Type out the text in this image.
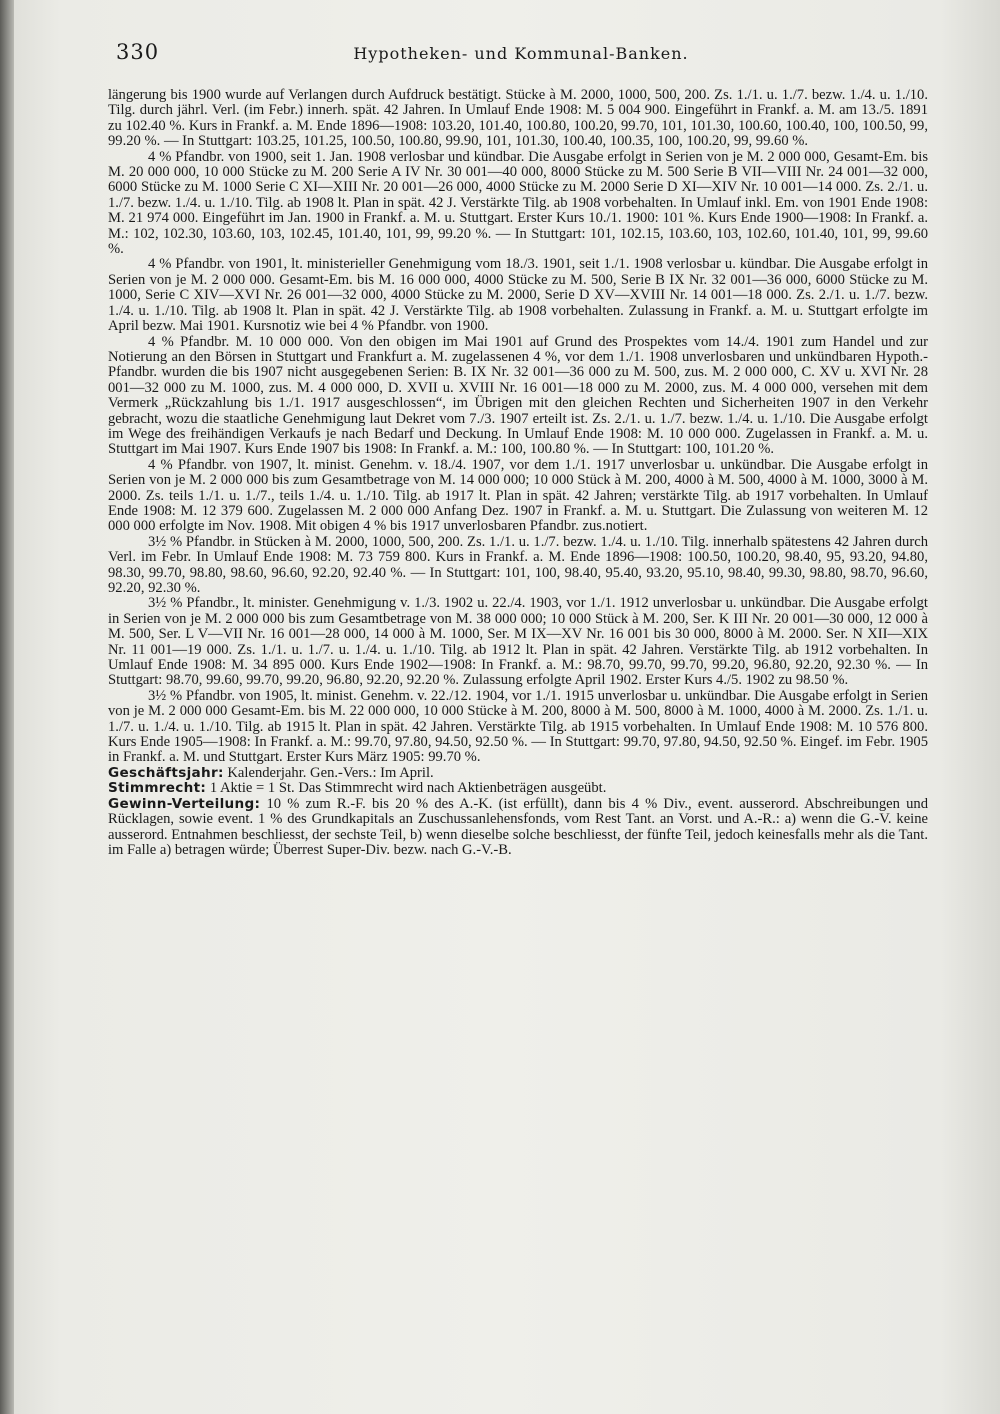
330	Hypotheken- und Kommunal-Banken.

längerung bis 1900 wurde auf Verlangen durch Aufdruck bestätigt. Stücke à M. 2000, 1000, 500, 200. Zs. 1./1. u. 1./7. bezw. 1./4. u. 1./10. Tilg. durch jährl. Verl. (im Febr.) innerh. spät. 42 Jahren. In Umlauf Ende 1908: M. 5 004 900. Eingeführt in Frankf. a. M. am 13./5. 1891 zu 102.40 %. Kurs in Frankf. a. M. Ende 1896—1908: 103.20, 101.40, 100.80, 100.20, 99.70, 101, 101.30, 100.60, 100.40, 100, 100.50, 99, 99.20 %. — In Stuttgart: 103.25, 101.25, 100.50, 100.80, 99.90, 101, 101.30, 100.40, 100.35, 100, 100.20, 99, 99.60 %.

4 % Pfandbr. von 1900, seit 1. Jan. 1908 verlosbar und kündbar. Die Ausgabe erfolgt in Serien von je M. 2 000 000, Gesamt-Em. bis M. 20 000 000, 10 000 Stücke zu M. 200 Serie A IV Nr. 30 001—40 000, 8000 Stücke zu M. 500 Serie B VII—VIII Nr. 24 001—32 000, 6000 Stücke zu M. 1000 Serie C XI—XIII Nr. 20 001—26 000, 4000 Stücke zu M. 2000 Serie D XI—XIV Nr. 10 001—14 000. Zs. 2./1. u. 1./7. bezw. 1./4. u. 1./10. Tilg. ab 1908 lt. Plan in spät. 42 J. Verstärkte Tilg. ab 1908 vorbehalten. In Umlauf inkl. Em. von 1901 Ende 1908: M. 21 974 000. Eingeführt im Jan. 1900 in Frankf. a. M. u. Stuttgart. Erster Kurs 10./1. 1900: 101 %. Kurs Ende 1900—1908: In Frankf. a. M.: 102, 102.30, 103.60, 103, 102.45, 101.40, 101, 99, 99.20 %. — In Stuttgart: 101, 102.15, 103.60, 103, 102.60, 101.40, 101, 99, 99.60 %.

4 % Pfandbr. von 1901, lt. ministerieller Genehmigung vom 18./3. 1901, seit 1./1. 1908 verlosbar u. kündbar. Die Ausgabe erfolgt in Serien von je M. 2 000 000. Gesamt-Em. bis M. 16 000 000, 4000 Stücke zu M. 500, Serie B IX Nr. 32 001—36 000, 6000 Stücke zu M. 1000, Serie C XIV—XVI Nr. 26 001—32 000, 4000 Stücke zu M. 2000, Serie D XV—XVIII Nr. 14 001—18 000. Zs. 2./1. u. 1./7. bezw. 1./4. u. 1./10. Tilg. ab 1908 lt. Plan in spät. 42 J. Verstärkte Tilg. ab 1908 vorbehalten. Zulassung in Frankf. a. M. u. Stuttgart erfolgte im April bezw. Mai 1901. Kursnotiz wie bei 4 % Pfandbr. von 1900.

4 % Pfandbr. M. 10 000 000. Von den obigen im Mai 1901 auf Grund des Prospektes vom 14./4. 1901 zum Handel und zur Notierung an den Börsen in Stuttgart und Frankfurt a. M. zugelassenen 4 %, vor dem 1./1. 1908 unverlosbaren und unkündbaren Hypoth.-Pfandbr. wurden die bis 1907 nicht ausgegebenen Serien: B. IX Nr. 32 001—36 000 zu M. 500, zus. M. 2 000 000, C. XV u. XVI Nr. 28 001—32 000 zu M. 1000, zus. M. 4 000 000, D. XVII u. XVIII Nr. 16 001—18 000 zu M. 2000, zus. M. 4 000 000, versehen mit dem Vermerk „Rückzahlung bis 1./1. 1917 ausgeschlossen“, im Übrigen mit den gleichen Rechten und Sicherheiten 1907 in den Verkehr gebracht, wozu die staatliche Genehmigung laut Dekret vom 7./3. 1907 erteilt ist. Zs. 2./1. u. 1./7. bezw. 1./4. u. 1./10. Die Ausgabe erfolgt im Wege des freihändigen Verkaufs je nach Bedarf und Deckung. In Umlauf Ende 1908: M. 10 000 000. Zugelassen in Frankf. a. M. u. Stuttgart im Mai 1907. Kurs Ende 1907 bis 1908: In Frankf. a. M.: 100, 100.80 %. — In Stuttgart: 100, 101.20 %.

4 % Pfandbr. von 1907, lt. minist. Genehm. v. 18./4. 1907, vor dem 1./1. 1917 unverlosbar u. unkündbar. Die Ausgabe erfolgt in Serien von je M. 2 000 000 bis zum Gesamtbetrage von M. 14 000 000; 10 000 Stück à M. 200, 4000 à M. 500, 4000 à M. 1000, 3000 à M. 2000. Zs. teils 1./1. u. 1./7., teils 1./4. u. 1./10. Tilg. ab 1917 lt. Plan in spät. 42 Jahren; verstärkte Tilg. ab 1917 vorbehalten. In Umlauf Ende 1908: M. 12 379 600. Zugelassen M. 2 000 000 Anfang Dez. 1907 in Frankf. a. M. u. Stuttgart. Die Zulassung von weiteren M. 12 000 000 erfolgte im Nov. 1908. Mit obigen 4 % bis 1917 unverlosbaren Pfandbr. zus.notiert.

3½ % Pfandbr. in Stücken à M. 2000, 1000, 500, 200. Zs. 1./1. u. 1./7. bezw. 1./4. u. 1./10. Tilg. innerhalb spätestens 42 Jahren durch Verl. im Febr. In Umlauf Ende 1908: M. 73 759 800. Kurs in Frankf. a. M. Ende 1896—1908: 100.50, 100.20, 98.40, 95, 93.20, 94.80, 98.30, 99.70, 98.80, 98.60, 96.60, 92.20, 92.40 %. — In Stuttgart: 101, 100, 98.40, 95.40, 93.20, 95.10, 98.40, 99.30, 98.80, 98.70, 96.60, 92.20, 92.30 %.

3½ % Pfandbr., lt. minister. Genehmigung v. 1./3. 1902 u. 22./4. 1903, vor 1./1. 1912 unverlosbar u. unkündbar. Die Ausgabe erfolgt in Serien von je M. 2 000 000 bis zum Gesamtbetrage von M. 38 000 000; 10 000 Stück à M. 200, Ser. K III Nr. 20 001—30 000, 12 000 à M. 500, Ser. L V—VII Nr. 16 001—28 000, 14 000 à M. 1000, Ser. M IX—XV Nr. 16 001 bis 30 000, 8000 à M. 2000. Ser. N XII—XIX Nr. 11 001—19 000. Zs. 1./1. u. 1./7. u. 1./4. u. 1./10. Tilg. ab 1912 lt. Plan in spät. 42 Jahren. Verstärkte Tilg. ab 1912 vorbehalten. In Umlauf Ende 1908: M. 34 895 000. Kurs Ende 1902—1908: In Frankf. a. M.: 98.70, 99.70, 99.70, 99.20, 96.80, 92.20, 92.30 %. — In Stuttgart: 98.70, 99.60, 99.70, 99.20, 96.80, 92.20, 92.20 %. Zulassung erfolgte April 1902. Erster Kurs 4./5. 1902 zu 98.50 %.

3½ % Pfandbr. von 1905, lt. minist. Genehm. v. 22./12. 1904, vor 1./1. 1915 unverlosbar u. unkündbar. Die Ausgabe erfolgt in Serien von je M. 2 000 000 Gesamt-Em. bis M. 22 000 000, 10 000 Stücke à M. 200, 8000 à M. 500, 8000 à M. 1000, 4000 à M. 2000. Zs. 1./1. u. 1./7. u. 1./4. u. 1./10. Tilg. ab 1915 lt. Plan in spät. 42 Jahren. Verstärkte Tilg. ab 1915 vorbehalten. In Umlauf Ende 1908: M. 10 576 800. Kurs Ende 1905—1908: In Frankf. a. M.: 99.70, 97.80, 94.50, 92.50 %. — In Stuttgart: 99.70, 97.80, 94.50, 92.50 %. Eingef. im Febr. 1905 in Frankf. a. M. und Stuttgart. Erster Kurs März 1905: 99.70 %.

Geschäftsjahr: Kalenderjahr. Gen.-Vers.: Im April.

Stimmrecht: 1 Aktie = 1 St. Das Stimmrecht wird nach Aktienbeträgen ausgeübt.

Gewinn-Verteilung: 10 % zum R.-F. bis 20 % des A.-K. (ist erfüllt), dann bis 4 % Div., event. ausserord. Abschreibungen und Rücklagen, sowie event. 1 % des Grundkapitals an Zuschussanlehensfonds, vom Rest Tant. an Vorst. und A.-R.: a) wenn die G.-V. keine ausserord. Entnahmen beschliesst, der sechste Teil, b) wenn dieselbe solche beschliesst, der fünfte Teil, jedoch keinesfalls mehr als die Tant. im Falle a) betragen würde; Überrest Super-Div. bezw. nach G.-V.-B.
